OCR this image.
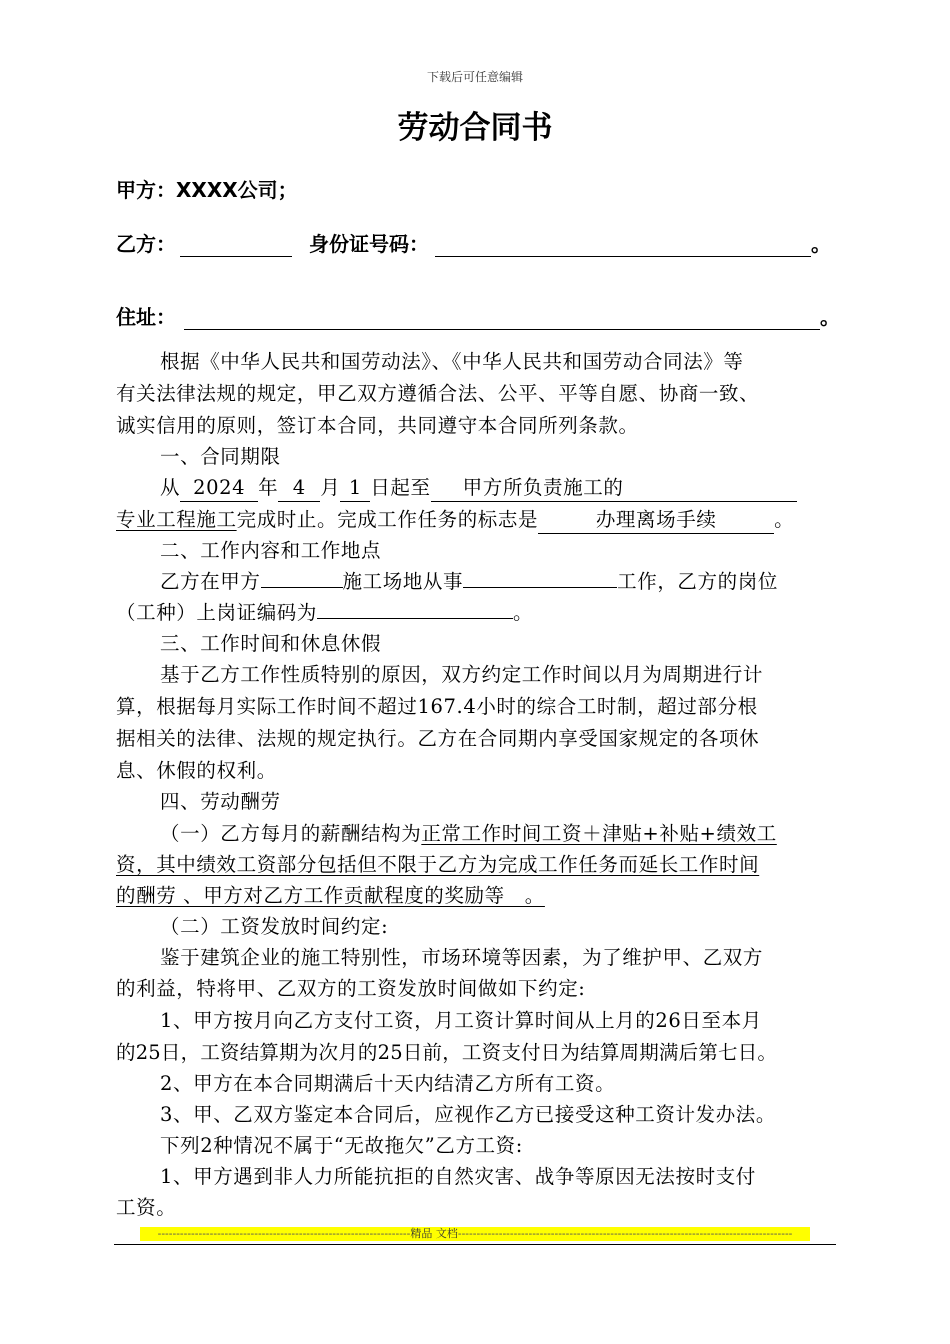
下载后可任意编辑
劳动合同书
甲方：XXXX公司；
乙方：	身份证号码：	。
住址：	。
根据《中华人民共和国劳动法》、《中华人民共和国劳动合同法》等
有关法律法规的规定，甲乙双方遵循合法、公平、平等自愿、协商一致、
诚实信用的原则，签订本合同，共同遵守本合同所列条款。
一、合同期限
从 2024 年 4 月 1 日起至 甲方所负责施工的
专业工程施工完成时止。完成工作任务的标志是	办理离场手续	。
二、工作内容和工作地点
乙方在甲方	施工场地从事	工作，乙方的岗位
（工种）上岗证编码为	。
三、工作时间和休息休假
基于乙方工作性质特别的原因，双方约定工作时间以月为周期进行计
算，根据每月实际工作时间不超过167.4小时的综合工时制，超过部分根
据相关的法律、法规的规定执行。乙方在合同期内享受国家规定的各项休
息、休假的权利。
四、劳动酬劳
（一）乙方每月的薪酬结构为正常工作时间工资＋津贴+补贴+绩效工
资，其中绩效工资部分包括但不限于乙方为完成工作任务而延长工作时间
的酬劳 、甲方对乙方工作贡献程度的奖励等　。
（二）工资发放时间约定:
鉴于建筑企业的施工特别性，市场环境等因素，为了维护甲、乙双方
的利益，特将甲、乙双方的工资发放时间做如下约定:
1、甲方按月向乙方支付工资，月工资计算时间从上月的26日至本月
的25日，工资结算期为次月的25日前，工资支付日为结算周期满后第七日。
2、甲方在本合同期满后十天内结清乙方所有工资。
3、甲、乙双方鉴定本合同后，应视作乙方已接受这种工资计发办法。
下列2种情况不属于“无故拖欠”乙方工资:
1、甲方遇到非人力所能抗拒的自然灾害、战争等原因无法按时支付
工资。
--------------------------------------------------------------------精品 文档------------------------------------------------------------------------------------------
